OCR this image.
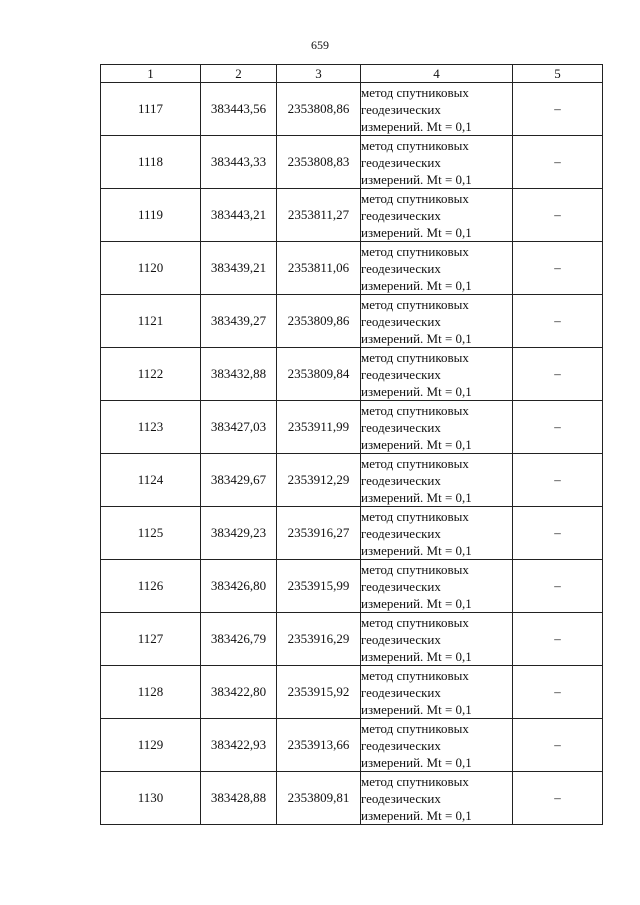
659
1	2	3	4	5
1117	383443,56	2353808,86	метод спутниковых
геодезических
измерений. Mt = 0,1	–
1118	383443,33	2353808,83	метод спутниковых
геодезических
измерений. Mt = 0,1	–
1119	383443,21	2353811,27	метод спутниковых
геодезических
измерений. Mt = 0,1	–
1120	383439,21	2353811,06	метод спутниковых
геодезических
измерений. Mt = 0,1	–
1121	383439,27	2353809,86	метод спутниковых
геодезических
измерений. Mt = 0,1	–
1122	383432,88	2353809,84	метод спутниковых
геодезических
измерений. Mt = 0,1	–
1123	383427,03	2353911,99	метод спутниковых
геодезических
измерений. Mt = 0,1	–
1124	383429,67	2353912,29	метод спутниковых
геодезических
измерений. Mt = 0,1	–
1125	383429,23	2353916,27	метод спутниковых
геодезических
измерений. Mt = 0,1	–
1126	383426,80	2353915,99	метод спутниковых
геодезических
измерений. Mt = 0,1	–
1127	383426,79	2353916,29	метод спутниковых
геодезических
измерений. Mt = 0,1	–
1128	383422,80	2353915,92	метод спутниковых
геодезических
измерений. Mt = 0,1	–
1129	383422,93	2353913,66	метод спутниковых
геодезических
измерений. Mt = 0,1	–
1130	383428,88	2353809,81	метод спутниковых
геодезических
измерений. Mt = 0,1	–
